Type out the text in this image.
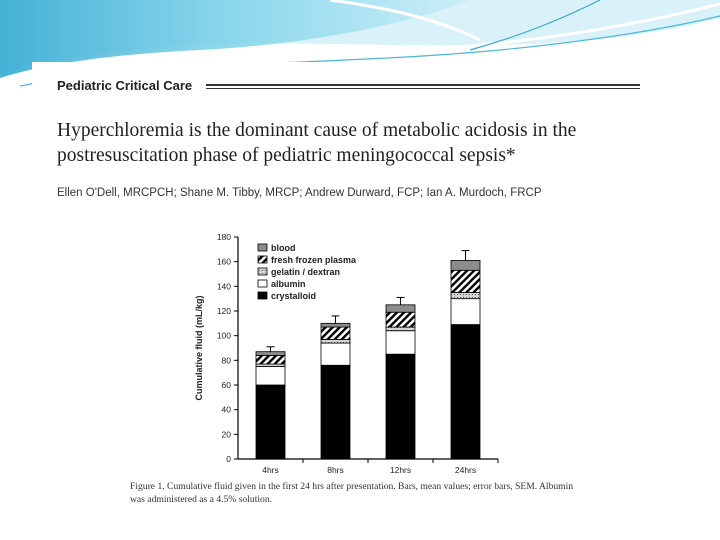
Pediatric Critical Care
Hyperchloremia is the dominant cause of metabolic acidosis in the postresuscitation phase of pediatric meningococcal sepsis*
Ellen O'Dell, MRCPCH; Shane M. Tibby, MRCP; Andrew Durward, FCP; Ian A. Murdoch, FRCP
0
20
40
60
80
100
120
140
160
180
4hrs	8hrs	12hrs	24hrs
Cumulative fluid (mL/kg)
blood
fresh frozen plasma
gelatin / dextran
albumin
crystalloid
Figure 1. Cumulative fluid given in the first 24 hrs after presentation. Bars, mean values; error bars, SEM. Albumin was administered as a 4.5% solution.
